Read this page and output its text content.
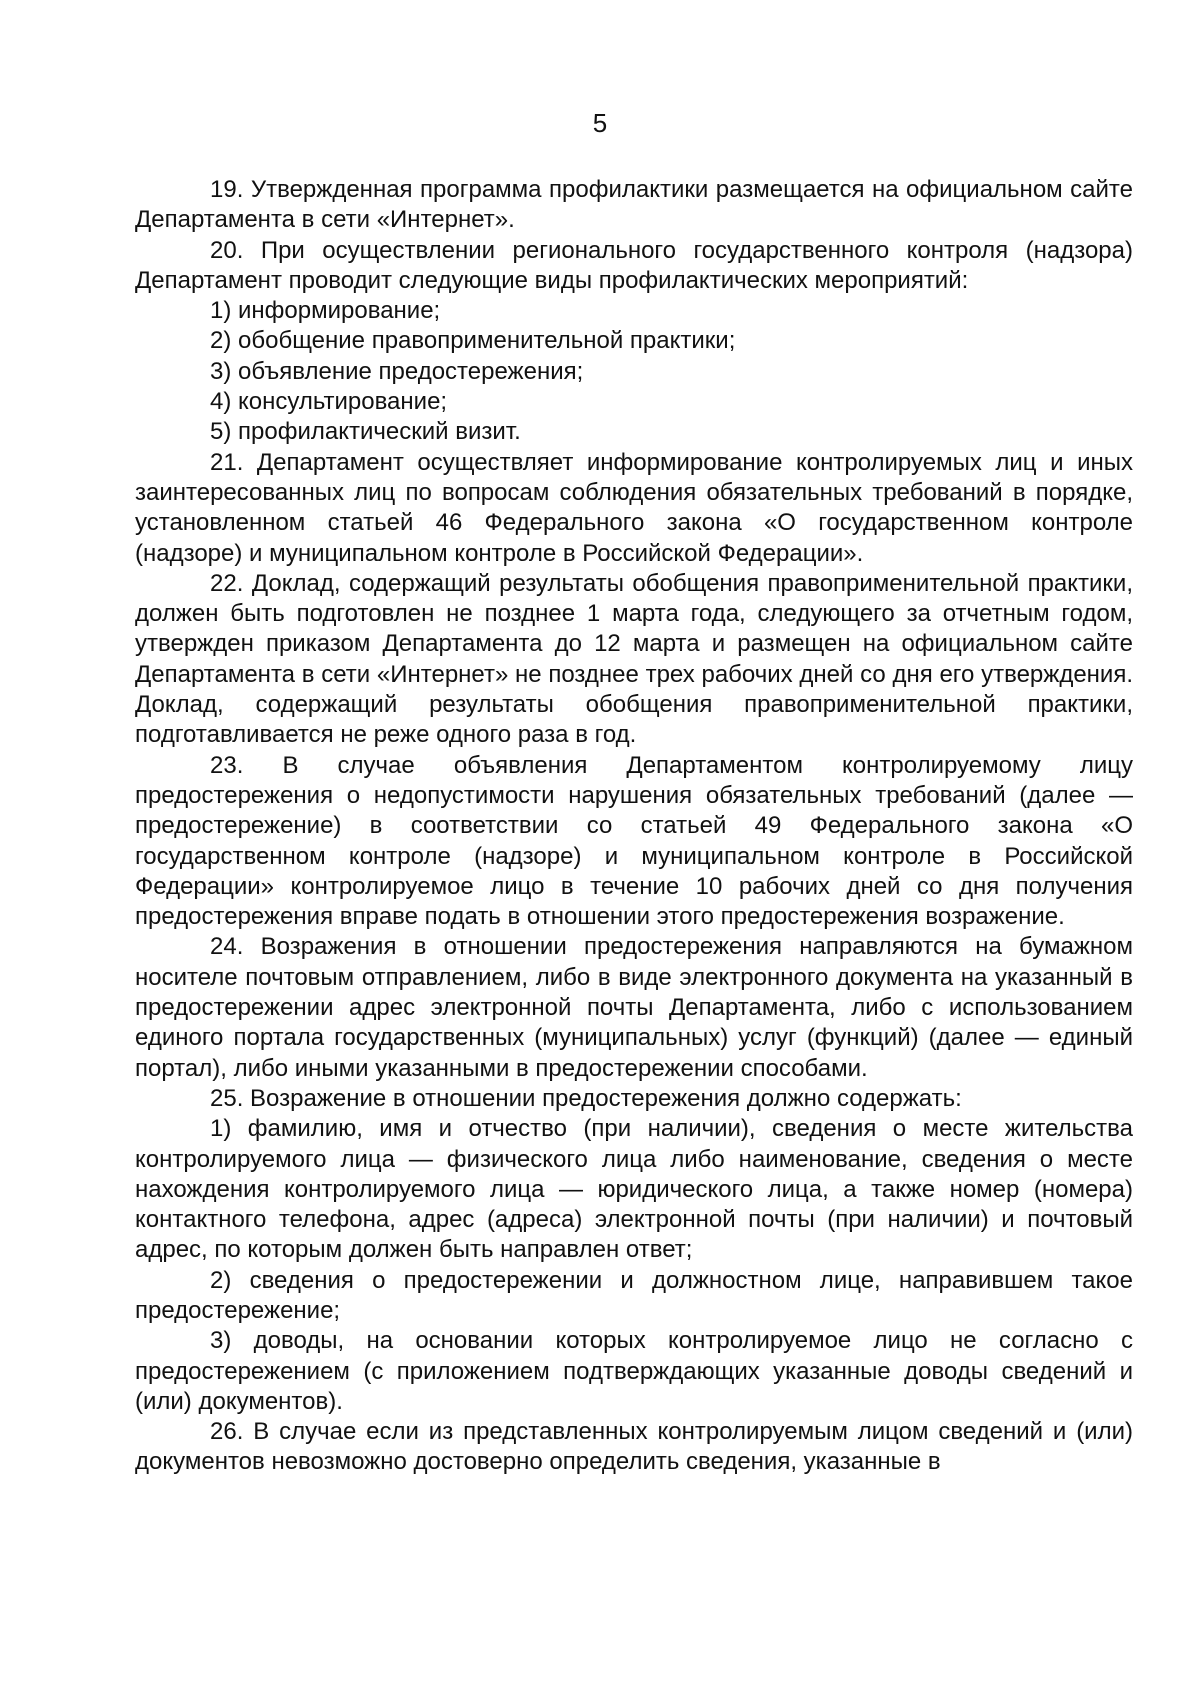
5

19. Утвержденная программа профилактики размещается на официальном сайте Департамента в сети «Интернет».

20. При осуществлении регионального государственного контроля (надзора) Департамент проводит следующие виды профилактических мероприятий:

1) информирование;

2) обобщение правоприменительной практики;

3) объявление предостережения;

4) консультирование;

5) профилактический визит.

21. Департамент осуществляет информирование контролируемых лиц и иных заинтересованных лиц по вопросам соблюдения обязательных требований в порядке, установленном статьей 46 Федерального закона «О государственном контроле (надзоре) и муниципальном контроле в Российской Федерации».

22. Доклад, содержащий результаты обобщения правоприменительной практики, должен быть подготовлен не позднее 1 марта года, следующего за отчетным годом, утвержден приказом Департамента до 12 марта и размещен на официальном сайте Департамента в сети «Интернет» не позднее трех рабочих дней со дня его утверждения. Доклад, содержащий результаты обобщения правоприменительной практики, подготавливается не реже одного раза в год.

23. В случае объявления Департаментом контролируемому лицу предостережения о недопустимости нарушения обязательных требований (далее — предостережение) в соответствии со статьей 49 Федерального закона «О государственном контроле (надзоре) и муниципальном контроле в Российской Федерации» контролируемое лицо в течение 10 рабочих дней со дня получения предостережения вправе подать в отношении этого предостережения возражение.

24. Возражения в отношении предостережения направляются на бумажном носителе почтовым отправлением, либо в виде электронного документа на указанный в предостережении адрес электронной почты Департамента, либо с использованием единого портала государственных (муниципальных) услуг (функций) (далее — единый портал), либо иными указанными в предостережении способами.

25. Возражение в отношении предостережения должно содержать:

1) фамилию, имя и отчество (при наличии), сведения о месте жительства контролируемого лица — физического лица либо наименование, сведения о месте нахождения контролируемого лица — юридического лица, а также номер (номера) контактного телефона, адрес (адреса) электронной почты (при наличии) и почтовый адрес, по которым должен быть направлен ответ;

2) сведения о предостережении и должностном лице, направившем такое предостережение;

3) доводы, на основании которых контролируемое лицо не согласно с предостережением (с приложением подтверждающих указанные доводы сведений и (или) документов).

26. В случае если из представленных контролируемым лицом сведений и (или) документов невозможно достоверно определить сведения, указанные в
